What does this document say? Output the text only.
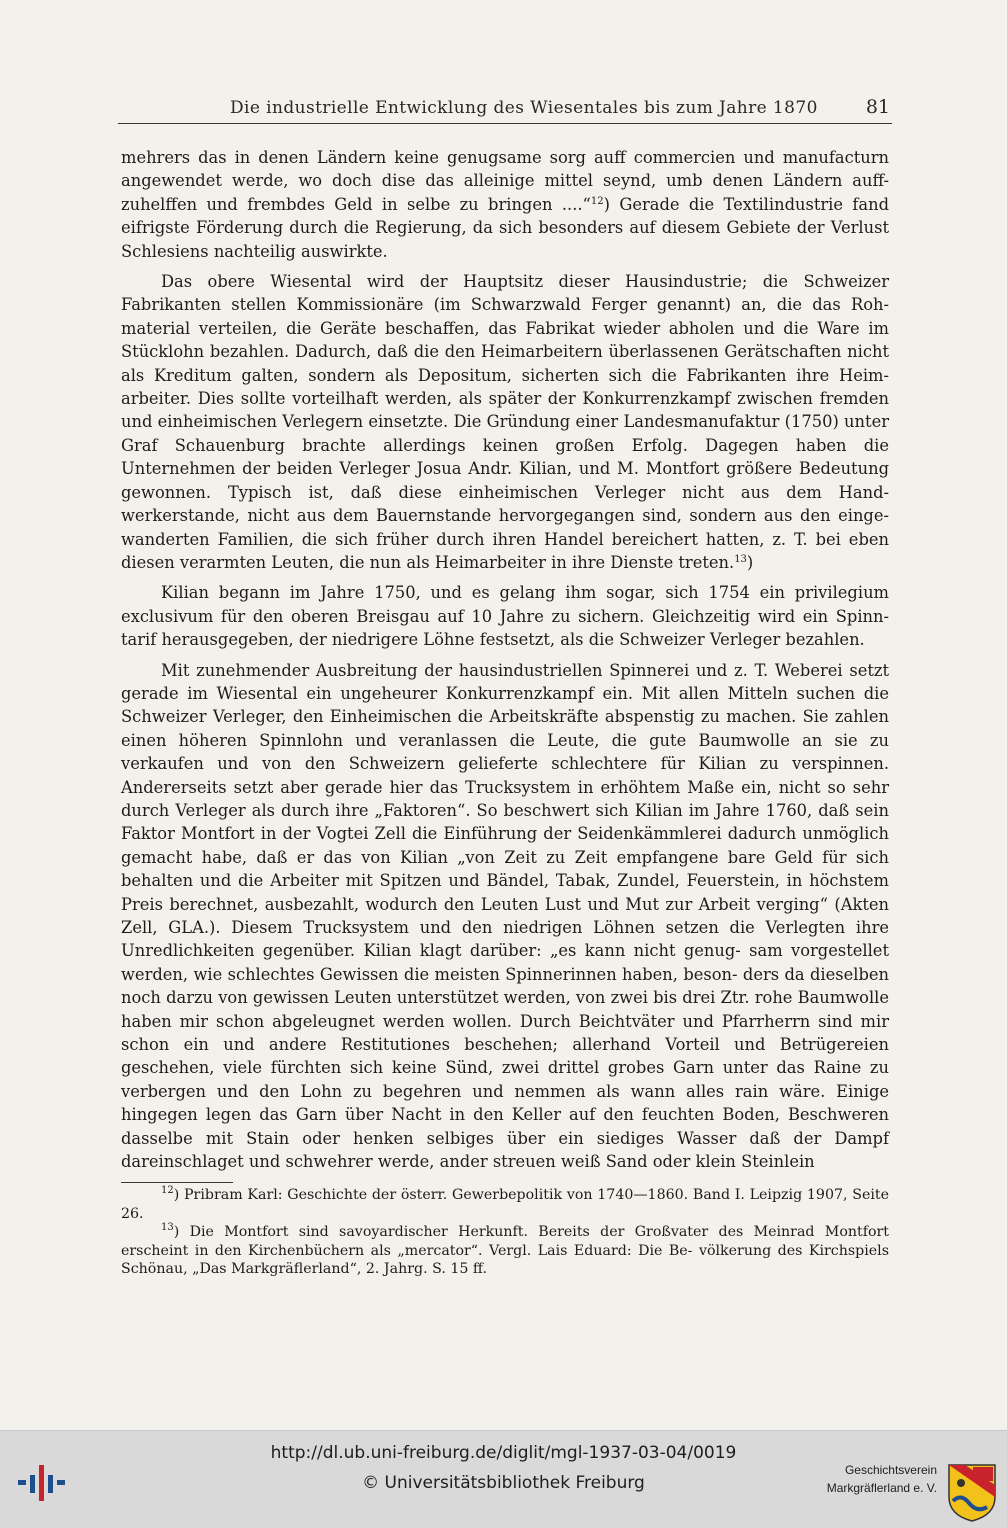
Die industrielle Entwicklung des Wiesentales bis zum Jahre 1870	81

mehrers das in denen Ländern keine genugsame sorg auff commercien und manufacturn angewendet werde, wo doch dise das alleinige mittel seynd, umb denen Ländern auff- zuhelffen und frembdes Geld in selbe zu bringen ....“$^{12}$) Gerade die Textilindustrie fand eifrigste Förderung durch die Regierung, da sich besonders auf diesem Gebiete der Verlust Schlesiens nachteilig auswirkte.

Das obere Wiesental wird der Hauptsitz dieser Hausindustrie; die Schweizer Fabrikanten stellen Kommissionäre (im Schwarzwald Ferger genannt) an, die das Roh- material verteilen, die Geräte beschaffen, das Fabrikat wieder abholen und die Ware im Stücklohn bezahlen. Dadurch, daß die den Heimarbeitern überlassenen Gerätschaften nicht als Kreditum galten, sondern als Depositum, sicherten sich die Fabrikanten ihre Heim- arbeiter. Dies sollte vorteilhaft werden, als später der Konkurrenzkampf zwischen fremden und einheimischen Verlegern einsetzte. Die Gründung einer Landesmanufaktur (1750) unter Graf Schauenburg brachte allerdings keinen großen Erfolg. Dagegen haben die Unternehmen der beiden Verleger Josua Andr. Kilian, und M. Montfort größere Bedeutung gewonnen. Typisch ist, daß diese einheimischen Verleger nicht aus dem Hand- werkerstande, nicht aus dem Bauernstande hervorgegangen sind, sondern aus den einge- wanderten Familien, die sich früher durch ihren Handel bereichert hatten, z. T. bei eben diesen verarmten Leuten, die nun als Heimarbeiter in ihre Dienste treten.$^{13}$)

Kilian begann im Jahre 1750, und es gelang ihm sogar, sich 1754 ein privilegium exclusivum für den oberen Breisgau auf 10 Jahre zu sichern. Gleichzeitig wird ein Spinn- tarif herausgegeben, der niedrigere Löhne festsetzt, als die Schweizer Verleger bezahlen.

Mit zunehmender Ausbreitung der hausindustriellen Spinnerei und z. T. Weberei setzt gerade im Wiesental ein ungeheurer Konkurrenzkampf ein. Mit allen Mitteln suchen die Schweizer Verleger, den Einheimischen die Arbeitskräfte abspenstig zu machen. Sie zahlen einen höheren Spinnlohn und veranlassen die Leute, die gute Baumwolle an sie zu verkaufen und von den Schweizern gelieferte schlechtere für Kilian zu verspinnen. Andererseits setzt aber gerade hier das Trucksystem in erhöhtem Maße ein, nicht so sehr durch Verleger als durch ihre „Faktoren“. So beschwert sich Kilian im Jahre 1760, daß sein Faktor Montfort in der Vogtei Zell die Einführung der Seidenkämmlerei dadurch unmöglich gemacht habe, daß er das von Kilian „von Zeit zu Zeit empfangene bare Geld für sich behalten und die Arbeiter mit Spitzen und Bändel, Tabak, Zundel, Feuerstein, in höchstem Preis berechnet, ausbezahlt, wodurch den Leuten Lust und Mut zur Arbeit verging“ (Akten Zell, GLA.). Diesem Trucksystem und den niedrigen Löhnen setzen die Verlegten ihre Unredlichkeiten gegenüber. Kilian klagt darüber: „es kann nicht genug- sam vorgestellet werden, wie schlechtes Gewissen die meisten Spinnerinnen haben, beson- ders da dieselben noch darzu von gewissen Leuten unterstützet werden, von zwei bis drei Ztr. rohe Baumwolle haben mir schon abgeleugnet werden wollen. Durch Beichtväter und Pfarrherrn sind mir schon ein und andere Restitutiones beschehen; allerhand Vorteil und Betrügereien geschehen, viele fürchten sich keine Sünd, zwei drittel grobes Garn unter das Raine zu verbergen und den Lohn zu begehren und nemmen als wann alles rain wäre. Einige hingegen legen das Garn über Nacht in den Keller auf den feuchten Boden, Beschweren dasselbe mit Stain oder henken selbiges über ein siediges Wasser daß der Dampf dareinschlaget und schwehrer werde, ander streuen weiß Sand oder klein Steinlein

$^{12}$) Pribram Karl: Geschichte der österr. Gewerbepolitik von 1740—1860. Band I. Leipzig 1907, Seite 26.

$^{13}$) Die Montfort sind savoyardischer Herkunft. Bereits der Großvater des Meinrad Montfort erscheint in den Kirchenbüchern als „mercator“. Vergl. Lais Eduard: Die Be- völkerung des Kirchspiels Schönau, „Das Markgräflerland“, 2. Jahrg. S. 15 ff.

http://dl.ub.uni-freiburg.de/diglit/mgl-1937-03-04/0019
© Universitätsbibliothek Freiburg
Geschichtsverein
Markgräflerland e. V.
